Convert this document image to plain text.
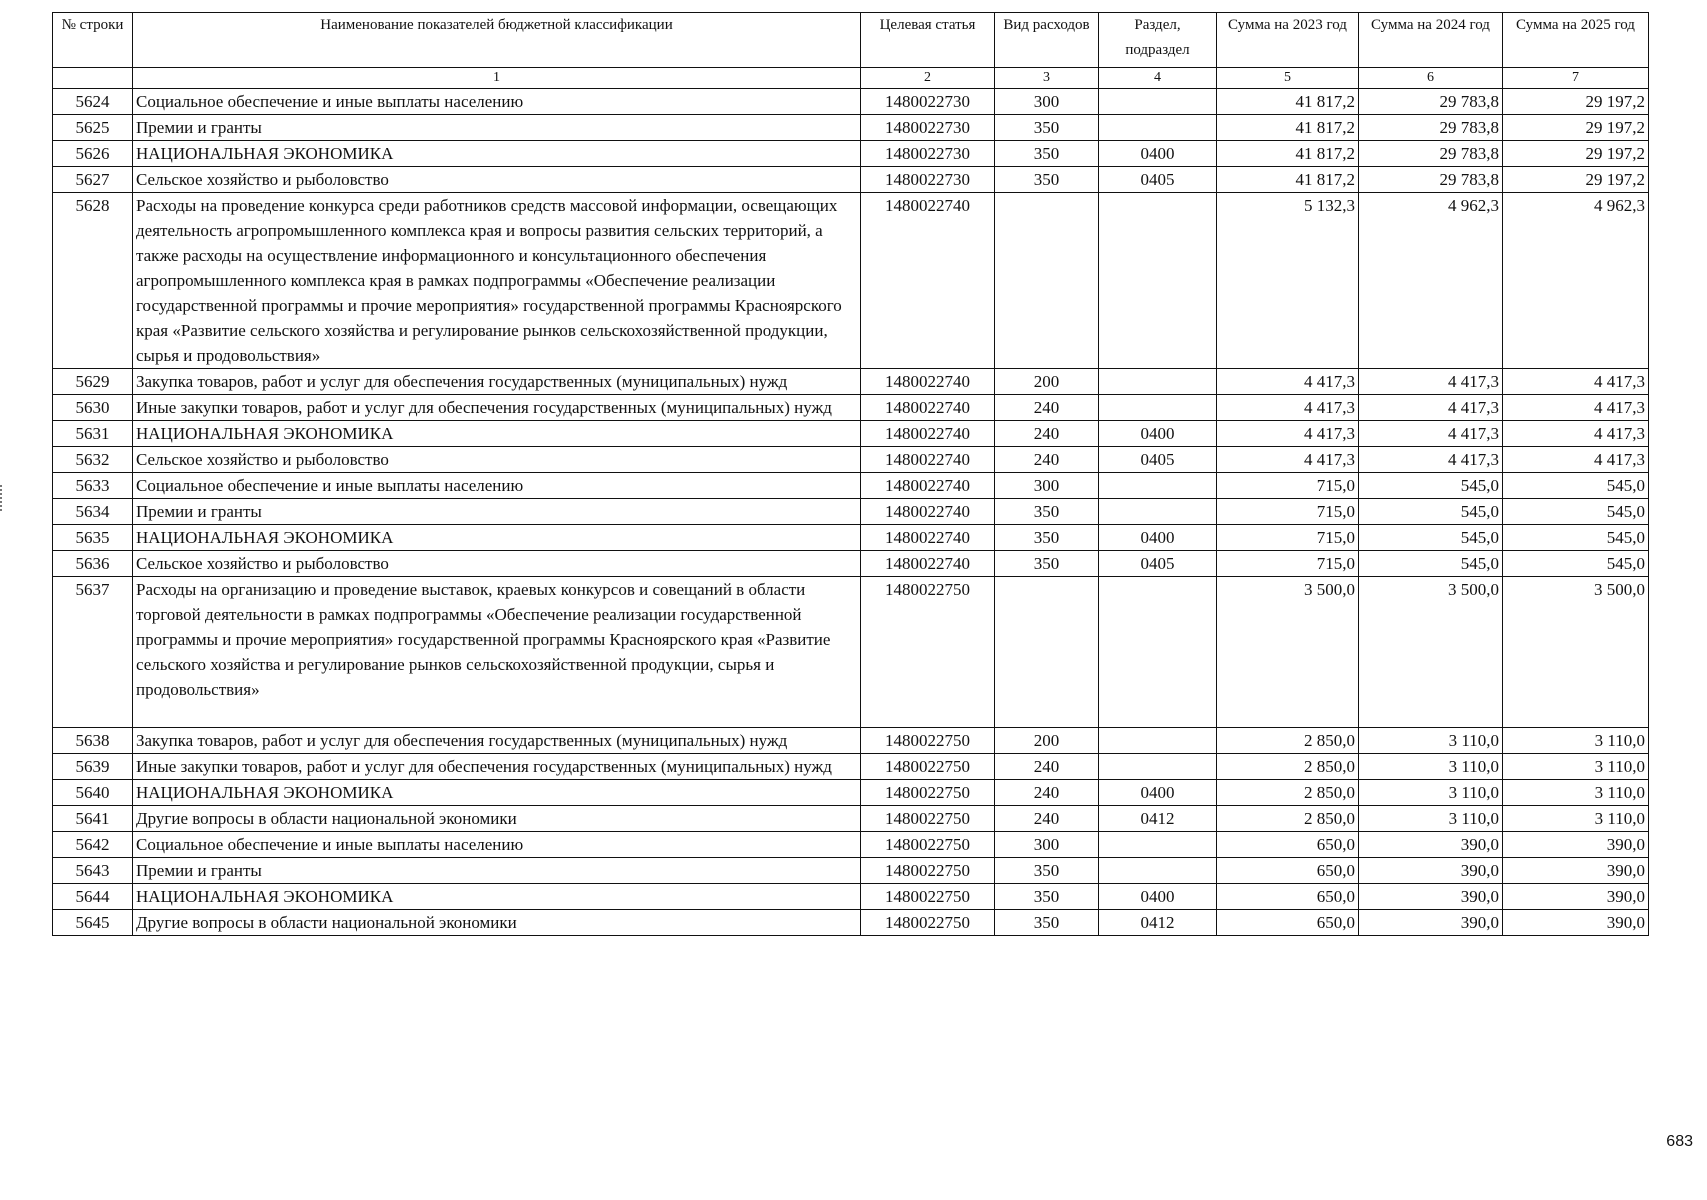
№ строки	Наименование показателей бюджетной классификации	Целевая статья	Вид расходов	Раздел, подраздел	Сумма на 2023 год	Сумма на 2024 год	Сумма на 2025 год
	1	2	3	4	5	6	7
5624	Социальное обеспечение и иные выплаты населению	1480022730	300		41 817,2	29 783,8	29 197,2
5625	Премии и гранты	1480022730	350		41 817,2	29 783,8	29 197,2
5626	НАЦИОНАЛЬНАЯ ЭКОНОМИКА	1480022730	350	0400	41 817,2	29 783,8	29 197,2
5627	Сельское хозяйство и рыболовство	1480022730	350	0405	41 817,2	29 783,8	29 197,2
5628	Расходы на проведение конкурса среди работников средств массовой информации, освещающих деятельность агропромышленного комплекса края и вопросы развития сельских территорий, а также расходы на осуществление информационного и консультационного обеспечения агропромышленного комплекса края в рамках подпрограммы «Обеспечение реализации государственной программы и прочие мероприятия» государственной программы Красноярского края «Развитие сельского хозяйства и регулирование рынков сельскохозяйственной продукции, сырья и продовольствия»	1480022740			5 132,3	4 962,3	4 962,3
5629	Закупка товаров, работ и услуг для обеспечения государственных (муниципальных) нужд	1480022740	200		4 417,3	4 417,3	4 417,3
5630	Иные закупки товаров, работ и услуг для обеспечения государственных (муниципальных) нужд	1480022740	240		4 417,3	4 417,3	4 417,3
5631	НАЦИОНАЛЬНАЯ ЭКОНОМИКА	1480022740	240	0400	4 417,3	4 417,3	4 417,3
5632	Сельское хозяйство и рыболовство	1480022740	240	0405	4 417,3	4 417,3	4 417,3
5633	Социальное обеспечение и иные выплаты населению	1480022740	300		715,0	545,0	545,0
5634	Премии и гранты	1480022740	350		715,0	545,0	545,0
5635	НАЦИОНАЛЬНАЯ ЭКОНОМИКА	1480022740	350	0400	715,0	545,0	545,0
5636	Сельское хозяйство и рыболовство	1480022740	350	0405	715,0	545,0	545,0
5637	Расходы на организацию и проведение выставок, краевых конкурсов и совещаний в области торговой деятельности в рамках подпрограммы «Обеспечение реализации государственной программы и прочие мероприятия» государственной программы Красноярского края «Развитие сельского хозяйства и регулирование рынков сельскохозяйственной продукции, сырья и продовольствия»	1480022750			3 500,0	3 500,0	3 500,0
5638	Закупка товаров, работ и услуг для обеспечения государственных (муниципальных) нужд	1480022750	200		2 850,0	3 110,0	3 110,0
5639	Иные закупки товаров, работ и услуг для обеспечения государственных (муниципальных) нужд	1480022750	240		2 850,0	3 110,0	3 110,0
5640	НАЦИОНАЛЬНАЯ ЭКОНОМИКА	1480022750	240	0400	2 850,0	3 110,0	3 110,0
5641	Другие вопросы в области национальной экономики	1480022750	240	0412	2 850,0	3 110,0	3 110,0
5642	Социальное обеспечение и иные выплаты населению	1480022750	300		650,0	390,0	390,0
5643	Премии и гранты	1480022750	350		650,0	390,0	390,0
5644	НАЦИОНАЛЬНАЯ ЭКОНОМИКА	1480022750	350	0400	650,0	390,0	390,0
5645	Другие вопросы в области национальной экономики	1480022750	350	0412	650,0	390,0	390,0
683
